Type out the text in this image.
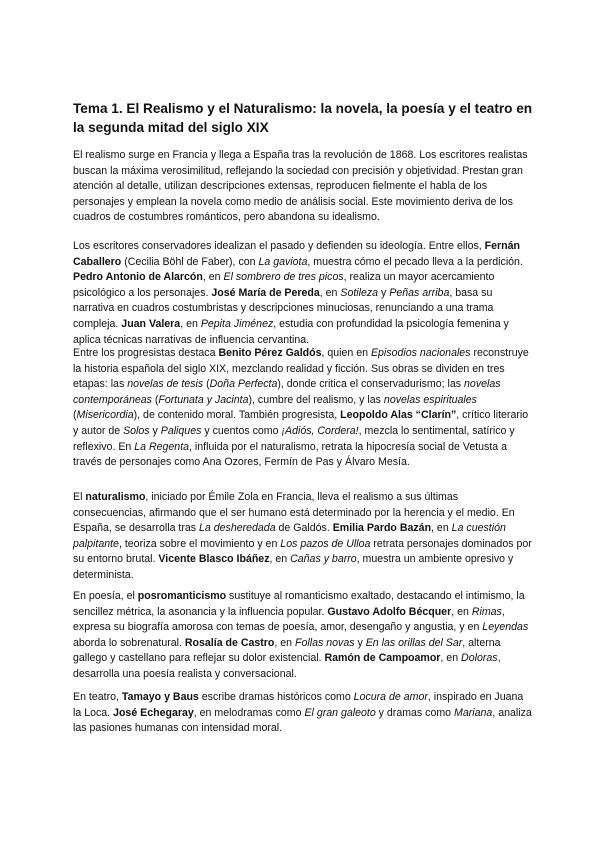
Tema 1. El Realismo y el Naturalismo: la novela, la poesía y el teatro en la segunda mitad del siglo XIX

El realismo surge en Francia y llega a España tras la revolución de 1868. Los escritores realistas buscan la máxima verosimilitud, reflejando la sociedad con precisión y objetividad. Prestan gran atención al detalle, utilizan descripciones extensas, reproducen fielmente el habla de los personajes y emplean la novela como medio de análisis social. Este movimiento deriva de los cuadros de costumbres románticos, pero abandona su idealismo.

Los escritores conservadores idealizan el pasado y defienden su ideología. Entre ellos, Fernán Caballero (Cecilia Böhl de Faber), con La gaviota, muestra cómo el pecado lleva a la perdición. Pedro Antonio de Alarcón, en El sombrero de tres picos, realiza un mayor acercamiento psicológico a los personajes. José María de Pereda, en Sotileza y Peñas arriba, basa su narrativa en cuadros costumbristas y descripciones minuciosas, renunciando a una trama compleja. Juan Valera, en Pepita Jiménez, estudia con profundidad la psicología femenina y aplica técnicas narrativas de influencia cervantina.

Entre los progresistas destaca Benito Pérez Galdós, quien en Episodios nacionales reconstruye la historia española del siglo XIX, mezclando realidad y ficción. Sus obras se dividen en tres etapas: las novelas de tesis (Doña Perfecta), donde critica el conservadurismo; las novelas contemporáneas (Fortunata y Jacinta), cumbre del realismo, y las novelas espirituales (Misericordia), de contenido moral. También progresista, Leopoldo Alas “Clarín”, crítico literario y autor de Solos y Paliques y cuentos como ¡Adiós, Cordera!, mezcla lo sentimental, satírico y reflexivo. En La Regenta, influida por el naturalismo, retrata la hipocresía social de Vetusta a través de personajes como Ana Ozores, Fermín de Pas y Álvaro Mesía.

El naturalismo, iniciado por Émile Zola en Francia, lleva el realismo a sus últimas consecuencias, afirmando que el ser humano está determinado por la herencia y el medio. En España, se desarrolla tras La desheredada de Galdós. Emilia Pardo Bazán, en La cuestión palpitante, teoriza sobre el movimiento y en Los pazos de Ulloa retrata personajes dominados por su entorno brutal. Vicente Blasco Ibáñez, en Cañas y barro, muestra un ambiente opresivo y determinista.

En poesía, el posromanticismo sustituye al romanticismo exaltado, destacando el intimismo, la sencillez métrica, la asonancia y la influencia popular. Gustavo Adolfo Bécquer, en Rimas, expresa su biografía amorosa con temas de poesía, amor, desengaño y angustia, y en Leyendas aborda lo sobrenatural. Rosalía de Castro, en Follas novas y En las orillas del Sar, alterna gallego y castellano para reflejar su dolor existencial. Ramón de Campoamor, en Doloras, desarrolla una poesía realista y conversacional.

En teatro, Tamayo y Baus escribe dramas históricos como Locura de amor, inspirado en Juana la Loca. José Echegaray, en melodramas como El gran galeoto y dramas como Mariana, analiza las pasiones humanas con intensidad moral.
